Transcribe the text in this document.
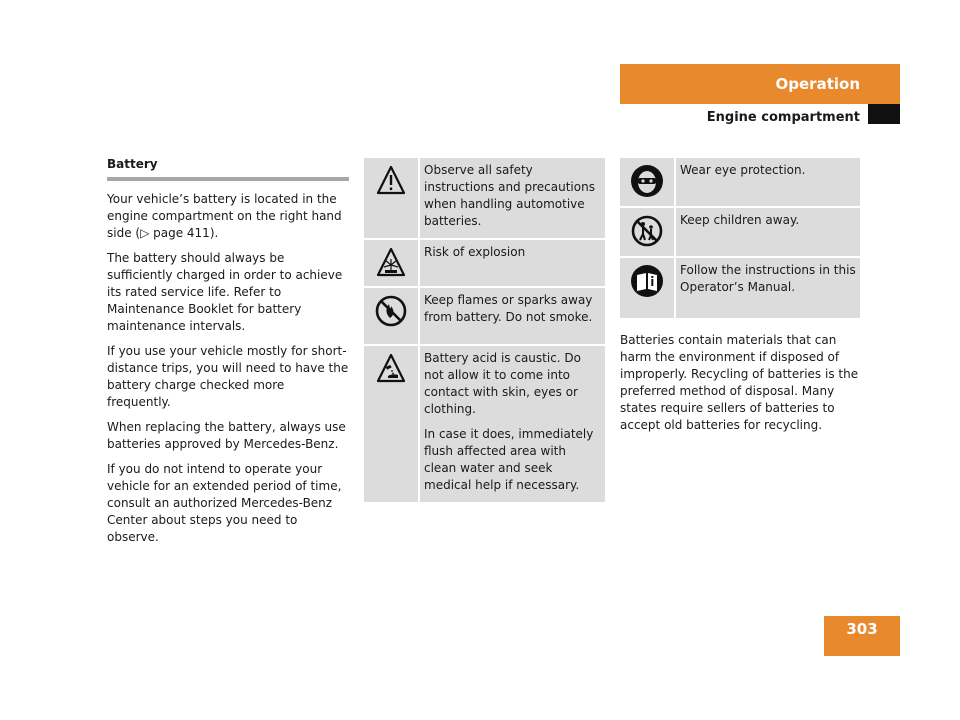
Operation
Engine compartment
Battery

Your vehicle’s battery is located in the engine compartment on the right hand side (▷ page 411).

The battery should always be sufficiently charged in order to achieve its rated service life. Refer to Maintenance Booklet for battery maintenance intervals.

If you use your vehicle mostly for short-distance trips, you will need to have the battery charge checked more frequently.

When replacing the battery, always use batteries approved by Mercedes-Benz.

If you do not intend to operate your vehicle for an extended period of time, consult an authorized Mercedes-Benz Center about steps you need to observe.

Observe all safety instructions and precautions when handling automotive batteries.

Risk of explosion

Keep flames or sparks away from battery. Do not smoke.

Battery acid is caustic. Do not allow it to come into contact with skin, eyes or clothing.

In case it does, immediately flush affected area with clean water and seek medical help if necessary.

Wear eye protection.

Keep children away.

Follow the instructions in this Operator’s Manual.

Batteries contain materials that can harm the environment if disposed of improperly. Recycling of batteries is the preferred method of disposal. Many states require sellers of batteries to accept old batteries for recycling.

303
